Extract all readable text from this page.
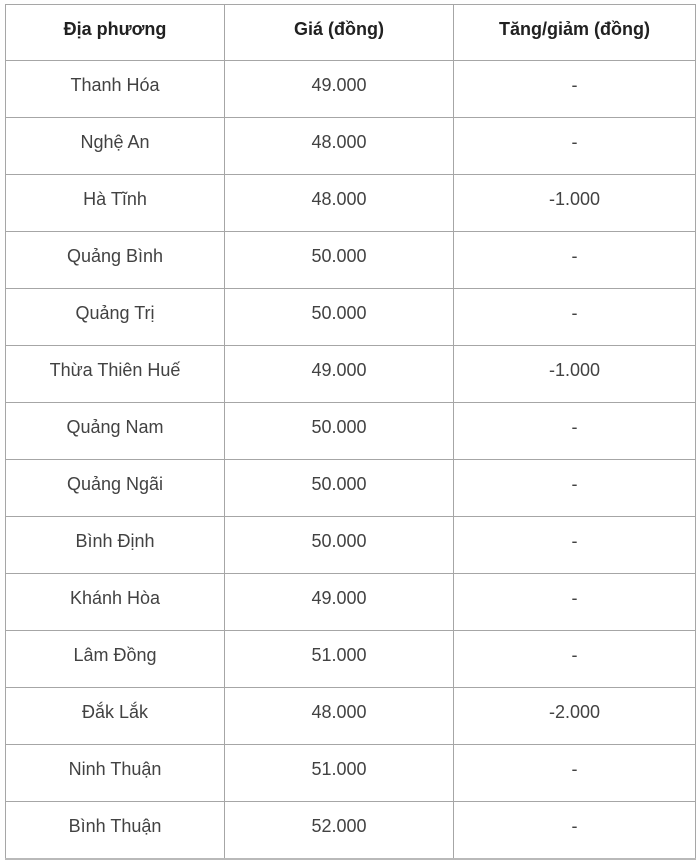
Địa phương	Giá (đồng)	Tăng/giảm (đồng)
Thanh Hóa	49.000	-
Nghệ An	48.000	-
Hà Tĩnh	48.000	-1.000
Quảng Bình	50.000	-
Quảng Trị	50.000	-
Thừa Thiên Huế	49.000	-1.000
Quảng Nam	50.000	-
Quảng Ngãi	50.000	-
Bình Định	50.000	-
Khánh Hòa	49.000	-
Lâm Đồng	51.000	-
Đắk Lắk	48.000	-2.000
Ninh Thuận	51.000	-
Bình Thuận	52.000	-
